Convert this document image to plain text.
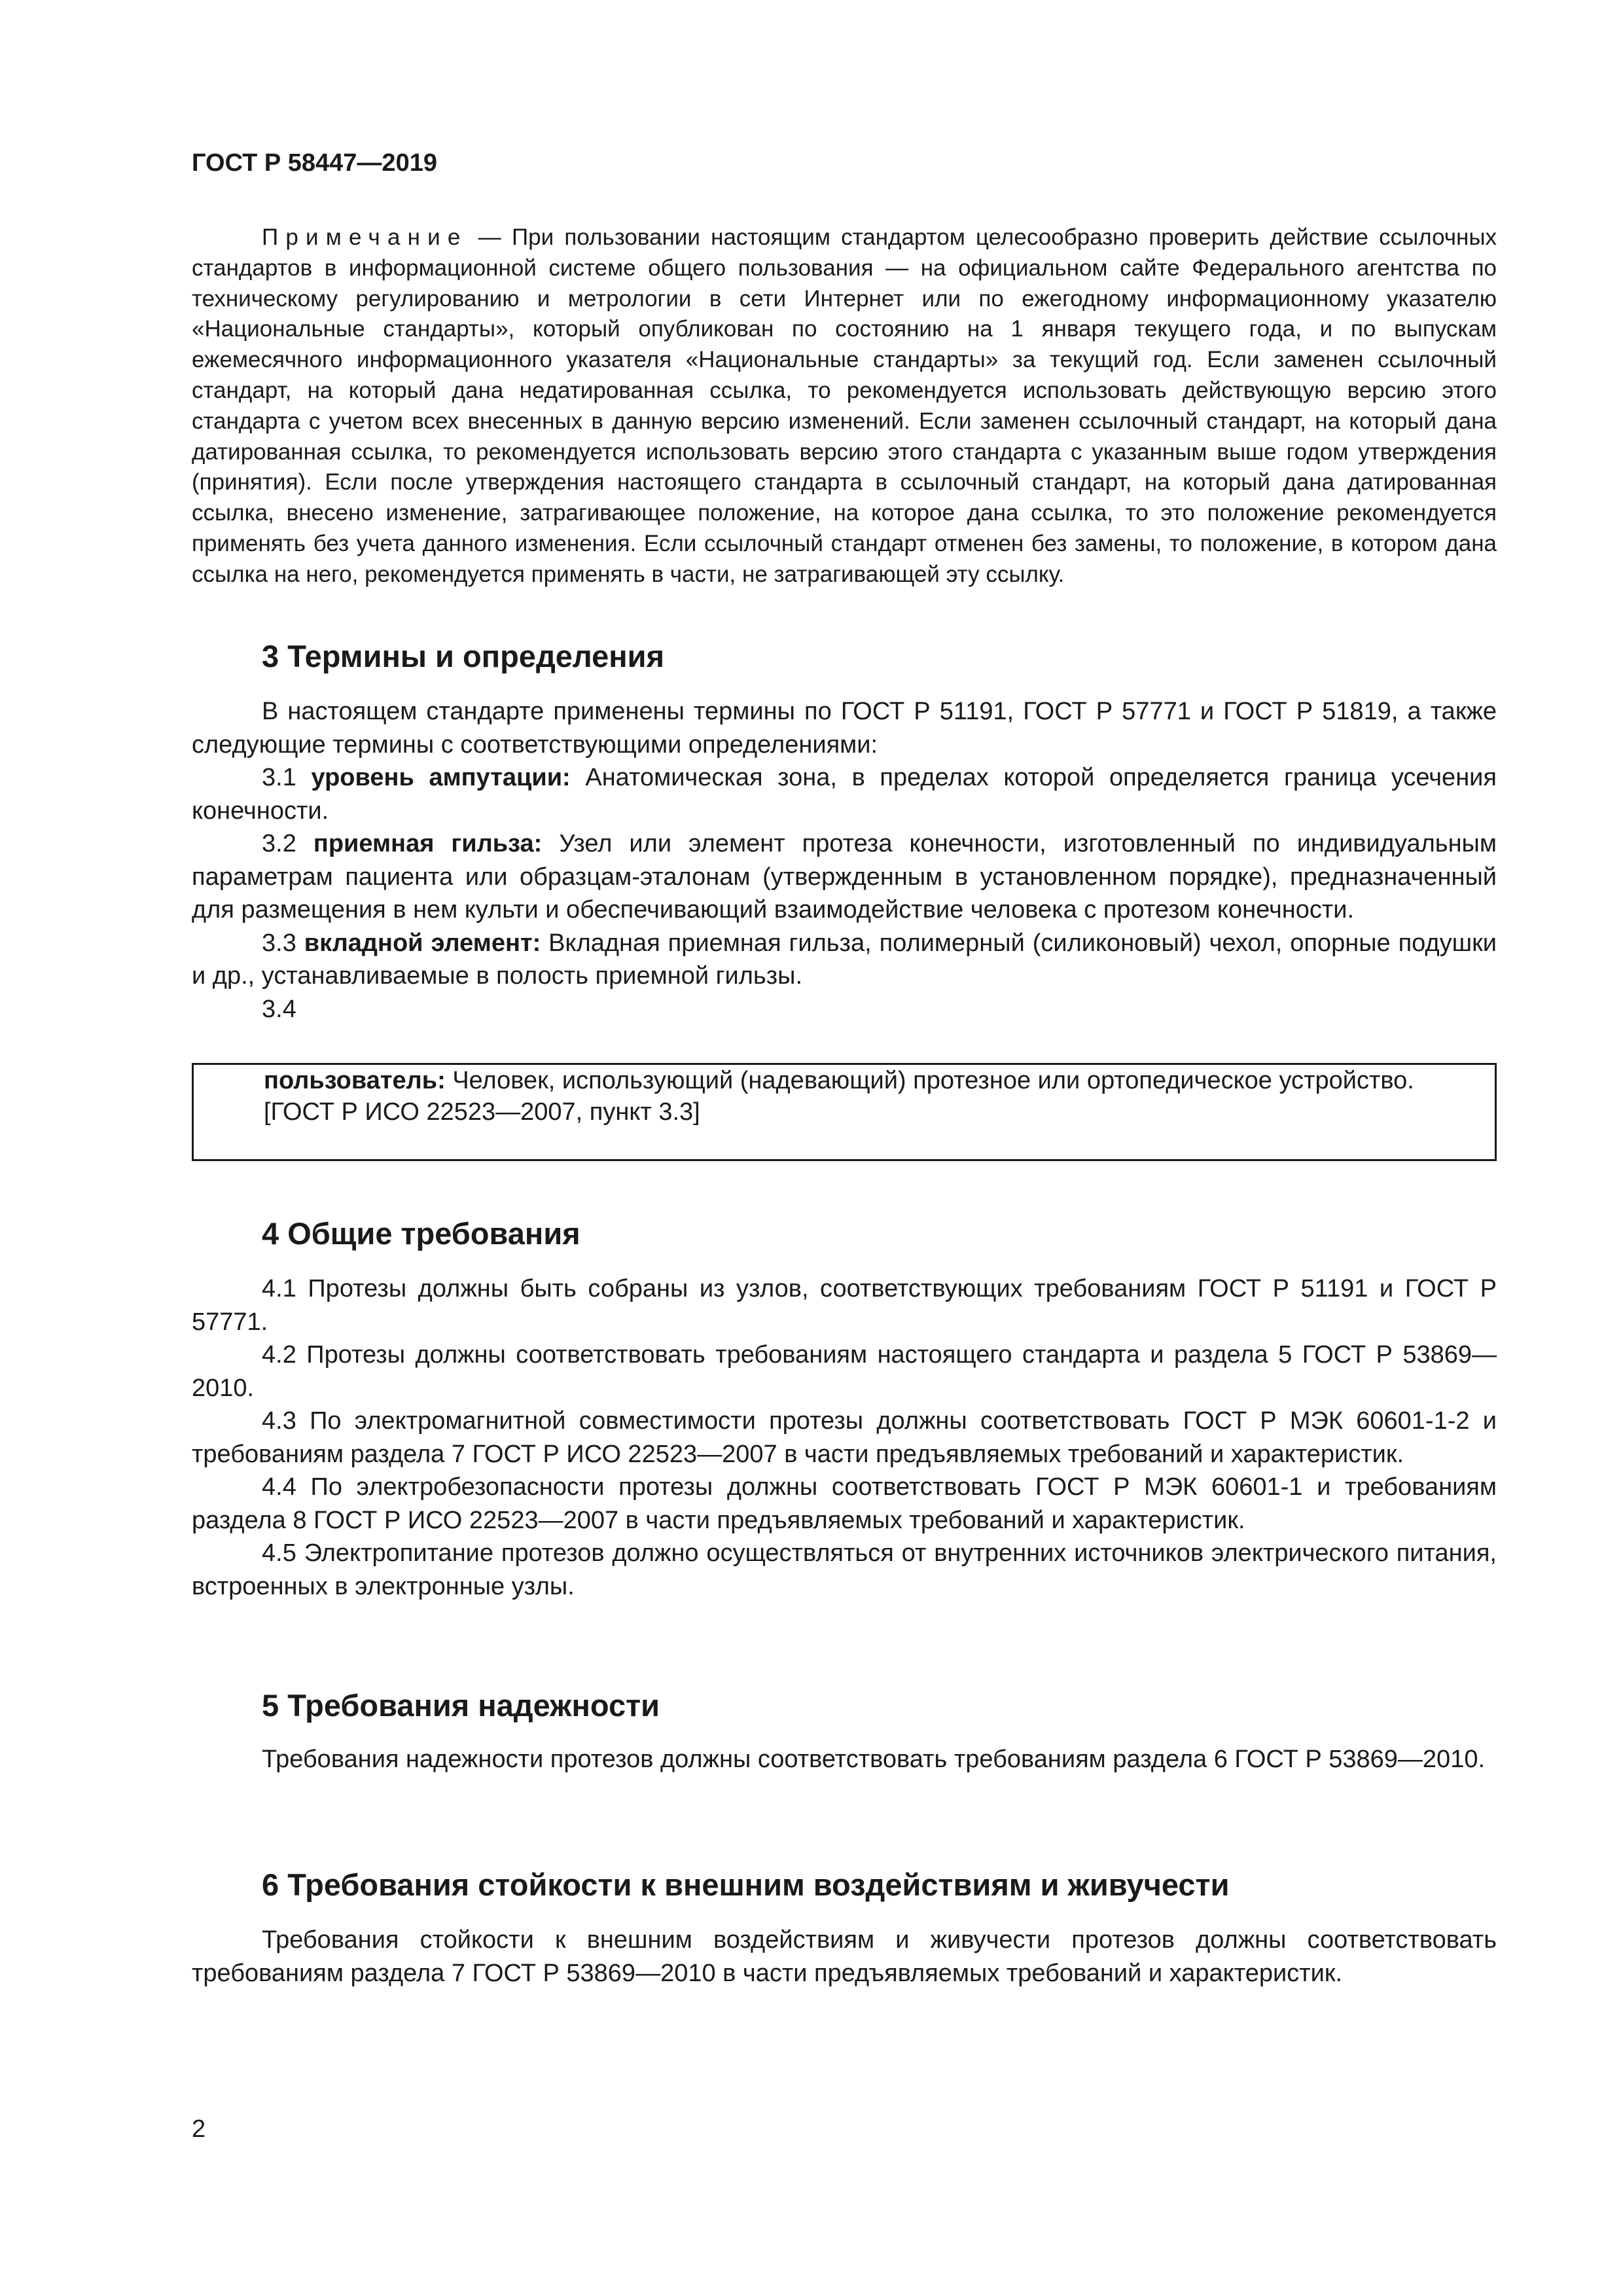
ГОСТ Р 58447—2019

Примечание — При пользовании настоящим стандартом целесообразно проверить действие ссылочных стандартов в информационной системе общего пользования — на официальном сайте Федерального агентства по техническому регулированию и метрологии в сети Интернет или по ежегодному информационному указателю «Национальные стандарты», который опубликован по состоянию на 1 января текущего года, и по выпускам ежемесячного информационного указателя «Национальные стандарты» за текущий год. Если заменен ссылочный стандарт, на который дана недатированная ссылка, то рекомендуется использовать действующую версию этого стандарта с учетом всех внесенных в данную версию изменений. Если заменен ссылочный стандарт, на который дана датированная ссылка, то рекомендуется использовать версию этого стандарта с указанным выше годом утверждения (принятия). Если после утверждения настоящего стандарта в ссылочный стандарт, на который дана датированная ссылка, внесено изменение, затрагивающее положение, на которое дана ссылка, то это положение рекомендуется применять без учета данного изменения. Если ссылочный стандарт отменен без замены, то положение, в котором дана ссылка на него, рекомендуется применять в части, не затрагивающей эту ссылку.

3 Термины и определения

В настоящем стандарте применены термины по ГОСТ Р 51191, ГОСТ Р 57771 и ГОСТ Р 51819, а также следующие термины с соответствующими определениями:

3.1 уровень ампутации: Анатомическая зона, в пределах которой определяется граница усечения конечности.

3.2 приемная гильза: Узел или элемент протеза конечности, изготовленный по индивидуальным параметрам пациента или образцам-эталонам (утвержденным в установленном порядке), предназначенный для размещения в нем культи и обеспечивающий взаимодействие человека с протезом конечности.

3.3 вкладной элемент: Вкладная приемная гильза, полимерный (силиконовый) чехол, опорные подушки и др., устанавливаемые в полость приемной гильзы.

3.4

пользователь: Человек, использующий (надевающий) протезное или ортопедическое устройство.

[ГОСТ Р ИСО 22523—2007, пункт 3.3]

4 Общие требования

4.1 Протезы должны быть собраны из узлов, соответствующих требованиям ГОСТ Р 51191 и ГОСТ Р 57771.

4.2 Протезы должны соответствовать требованиям настоящего стандарта и раздела 5 ГОСТ Р 53869—2010.

4.3 По электромагнитной совместимости протезы должны соответствовать ГОСТ Р МЭК 60601-1-2 и требованиям раздела 7 ГОСТ Р ИСО 22523—2007 в части предъявляемых требований и характеристик.

4.4 По электробезопасности протезы должны соответствовать ГОСТ Р МЭК 60601-1 и требованиям раздела 8 ГОСТ Р ИСО 22523—2007 в части предъявляемых требований и характеристик.

4.5 Электропитание протезов должно осуществляться от внутренних источников электрического питания, встроенных в электронные узлы.

5 Требования надежности

Требования надежности протезов должны соответствовать требованиям раздела 6 ГОСТ Р 53869—2010.

6 Требования стойкости к внешним воздействиям и живучести

Требования стойкости к внешним воздействиям и живучести протезов должны соответствовать требованиям раздела 7 ГОСТ Р 53869—2010 в части предъявляемых требований и характеристик.

2
